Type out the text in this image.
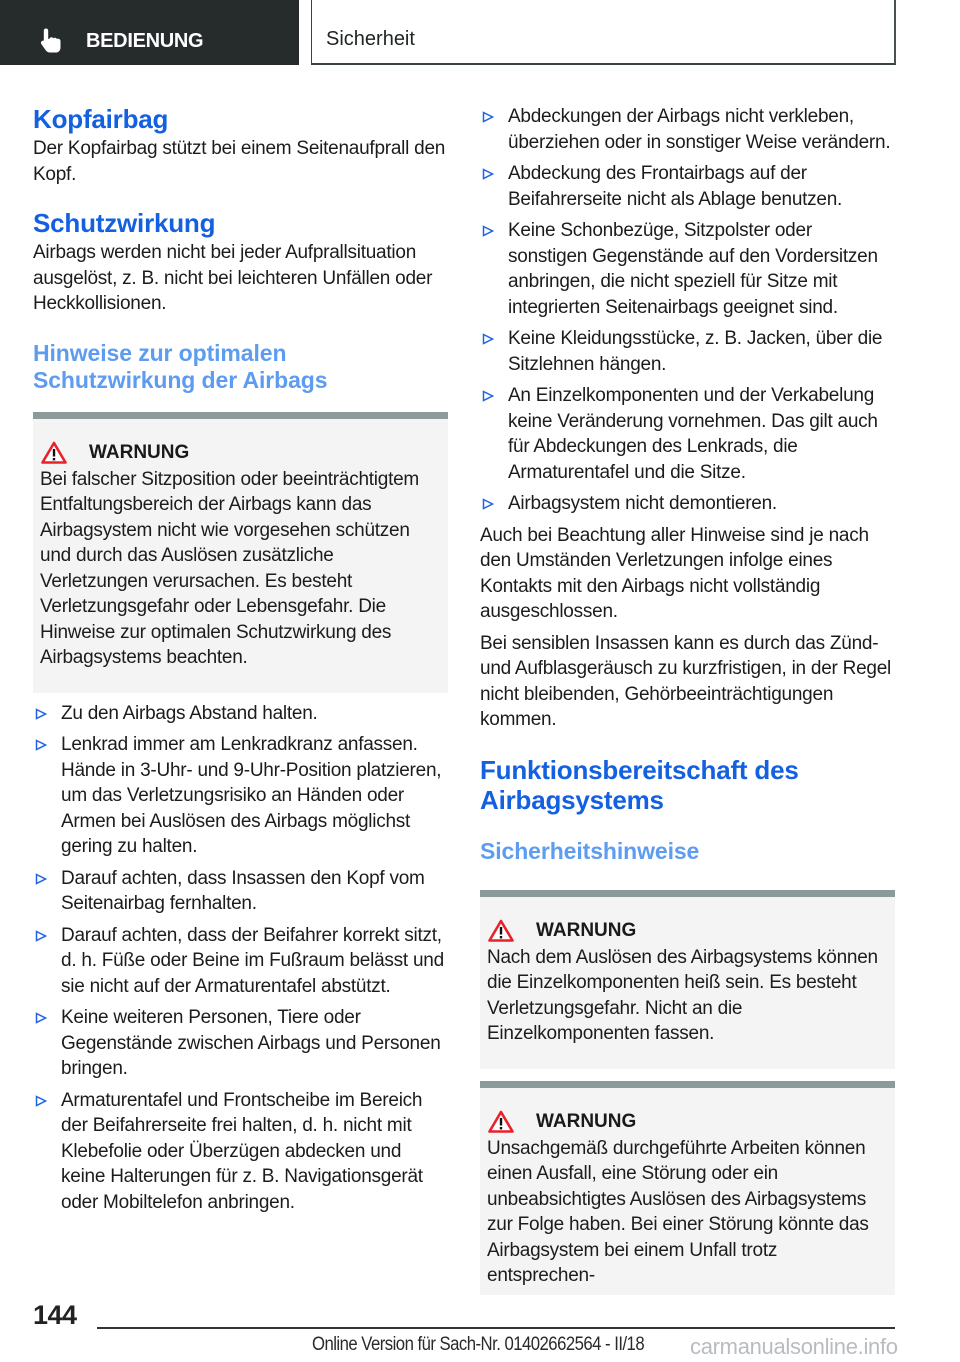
BEDIENUNG	Sicherheit
Kopfairbag

Der Kopfairbag stützt bei einem Seitenaufprall den Kopf.

Schutzwirkung

Airbags werden nicht bei jeder Aufprallsituation ausgelöst, z. B. nicht bei leichteren Unfällen oder Heckkollisionen.

Hinweise zur optimalen
Schutzwirkung der Airbags
WARNUNG

Bei falscher Sitzposition oder beeinträchtigtem Entfaltungsbereich der Airbags kann das Airbagsystem nicht wie vorgesehen schützen und durch das Auslösen zusätzliche Verletzungen verursachen. Es besteht Verletzungsgefahr oder Lebensgefahr. Die Hinweise zur optimalen Schutzwirkung des Airbagsystems beachten.

Zu den Airbags Abstand halten.
Lenkrad immer am Lenkradkranz anfassen. Hände in 3-Uhr- und 9-Uhr-Position platzieren, um das Verletzungsrisiko an Händen oder Armen bei Auslösen des Airbags möglichst gering zu halten.
Darauf achten, dass Insassen den Kopf vom Seitenairbag fernhalten.
Darauf achten, dass der Beifahrer korrekt sitzt, d. h. Füße oder Beine im Fußraum belässt und sie nicht auf der Armaturentafel abstützt.
Keine weiteren Personen, Tiere oder Gegenstände zwischen Airbags und Personen bringen.
Armaturentafel und Frontscheibe im Bereich der Beifahrerseite frei halten, d. h. nicht mit Klebefolie oder Überzügen abdecken und keine Halterungen für z. B. Navigationsgerät oder Mobiltelefon anbringen.
Abdeckungen der Airbags nicht verkleben, überziehen oder in sonstiger Weise verändern.
Abdeckung des Frontairbags auf der Beifahrerseite nicht als Ablage benutzen.
Keine Schonbezüge, Sitzpolster oder sonstigen Gegenstände auf den Vordersitzen anbringen, die nicht speziell für Sitze mit integrierten Seitenairbags geeignet sind.
Keine Kleidungsstücke, z. B. Jacken, über die Sitzlehnen hängen.
An Einzelkomponenten und der Verkabelung keine Veränderung vornehmen. Das gilt auch für Abdeckungen des Lenkrads, die Armaturentafel und die Sitze.
Airbagsystem nicht demontieren.

Auch bei Beachtung aller Hinweise sind je nach den Umständen Verletzungen infolge eines Kontakts mit den Airbags nicht vollständig ausgeschlossen.

Bei sensiblen Insassen kann es durch das Zünd- und Aufblasgeräusch zu kurzfristigen, in der Regel nicht bleibenden, Gehörbeeinträchtigungen kommen.

Funktionsbereitschaft des
Airbagsystems
Sicherheitshinweise
WARNUNG

Nach dem Auslösen des Airbagsystems können die Einzelkomponenten heiß sein. Es besteht Verletzungsgefahr. Nicht an die Einzelkomponenten fassen.

WARNUNG

Unsachgemäß durchgeführte Arbeiten können einen Ausfall, eine Störung oder ein unbeabsichtigtes Auslösen des Airbagsystems zur Folge haben. Bei einer Störung könnte das Airbagsystem bei einem Unfall trotz entsprechen-

144
Online Version für Sach-Nr. 01402662564 - II/18 carmanualsonline.info
